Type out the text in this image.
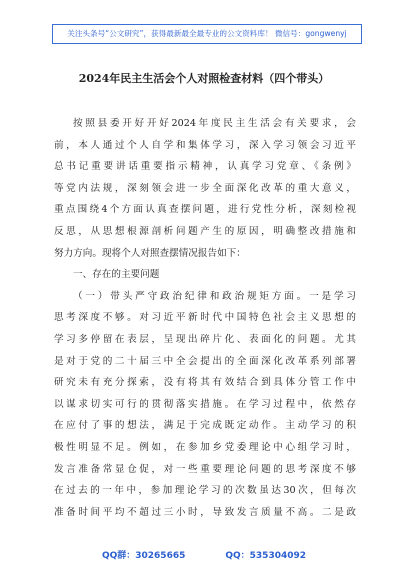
关注头条号“公文研究”，获得最新最全最专业的公文资料库！ 微信号：gongwenyj
2024年民主生活会个人对照检查材料（四个带头）
按照县委开好开好2024年度民主生活会有关要求，会
前，本人通过个人自学和集体学习，深入学习领会习近平
总书记重要讲话重要指示精神，认真学习党章、《条例》
等党内法规，深刻领会进一步全面深化改革的重大意义，
重点围绕4个方面认真查摆问题，进行党性分析，深刻检视
反思，从思想根源剖析问题产生的原因，明确整改措施和
努力方向。现将个人对照查摆情况报告如下：
一、存在的主要问题
（一）带头严守政治纪律和政治规矩方面。一是学习
思考深度不够。对习近平新时代中国特色社会主义思想的
学习多停留在表层，呈现出碎片化、表面化的问题。尤其
是对于党的二十届三中全会提出的全面深化改革系列部署
研究未有充分探索，没有将其有效结合到具体分管工作中
以谋求切实可行的贯彻落实措施。在学习过程中，依然存
在应付了事的想法，满足于完成既定动作。主动学习的积
极性明显不足。例如，在参加乡党委理论中心组学习时，
发言准备常显仓促，对一些重要理论问题的思考深度不够
在过去的一年中，参加理论学习的次数虽达30次，但每次
准备时间平均不超过三小时，导致发言质量不高。二是政
QQ群：30265665	QQ：535304092
